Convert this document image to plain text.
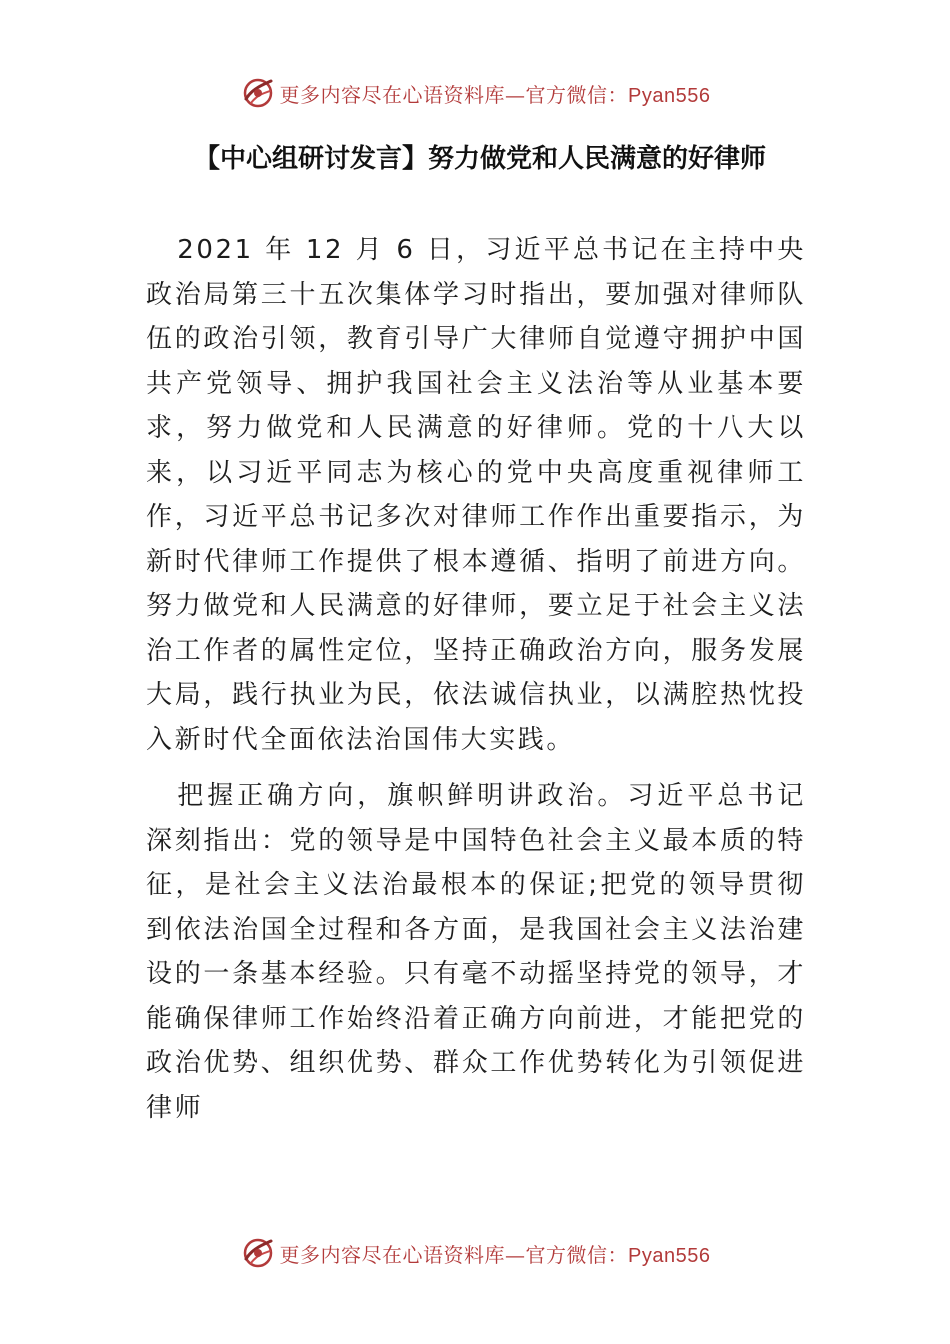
更多内容尽在心语资料库—官方微信：Pyan556
【中心组研讨发言】努力做党和人民满意的好律师

2021 年 12 月 6 日，习近平总书记在主持中央政治局第三十五次集体学习时指出，要加强对律师队伍的政治引领，教育引导广大律师自觉遵守拥护中国共产党领导、拥护我国社会主义法治等从业基本要求，努力做党和人民满意的好律师。党的十八大以来，以习近平同志为核心的党中央高度重视律师工作，习近平总书记多次对律师工作作出重要指示，为新时代律师工作提供了根本遵循、指明了前进方向。努力做党和人民满意的好律师，要立足于社会主义法治工作者的属性定位，坚持正确政治方向，服务发展大局，践行执业为民，依法诚信执业，以满腔热忱投入新时代全面依法治国伟大实践。

把握正确方向，旗帜鲜明讲政治。习近平总书记深刻指出：党的领导是中国特色社会主义最本质的特征，是社会主义法治最根本的保证;把党的领导贯彻到依法治国全过程和各方面，是我国社会主义法治建设的一条基本经验。只有毫不动摇坚持党的领导，才能确保律师工作始终沿着正确方向前进，才能把党的政治优势、组织优势、群众工作优势转化为引领促进律师

更多内容尽在心语资料库—官方微信：Pyan556
